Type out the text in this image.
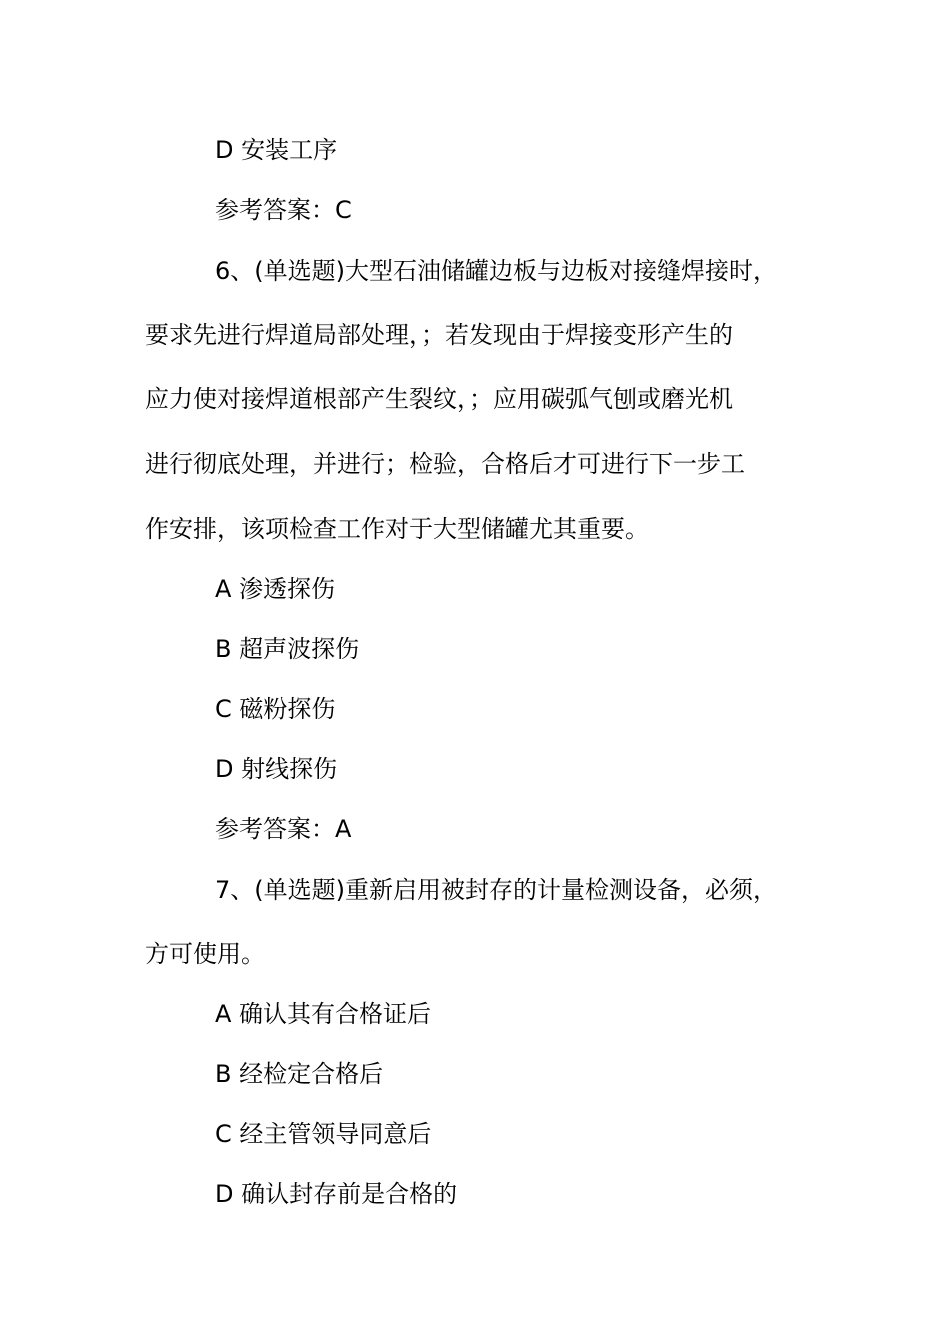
D 安装工序
参考答案：C
6、(单选题)大型石油储罐边板与边板对接缝焊接时，
要求先进行焊道局部处理，；若发现由于焊接变形产生的
应力使对接焊道根部产生裂纹，；应用碳弧气刨或磨光机
进行彻底处理，并进行；检验，合格后才可进行下一步工
作安排，该项检查工作对于大型储罐尤其重要。
A 渗透探伤
B 超声波探伤
C 磁粉探伤
D 射线探伤
参考答案：A
7、(单选题)重新启用被封存的计量检测设备，必须，
方可使用。
A 确认其有合格证后
B 经检定合格后
C 经主管领导同意后
D 确认封存前是合格的
